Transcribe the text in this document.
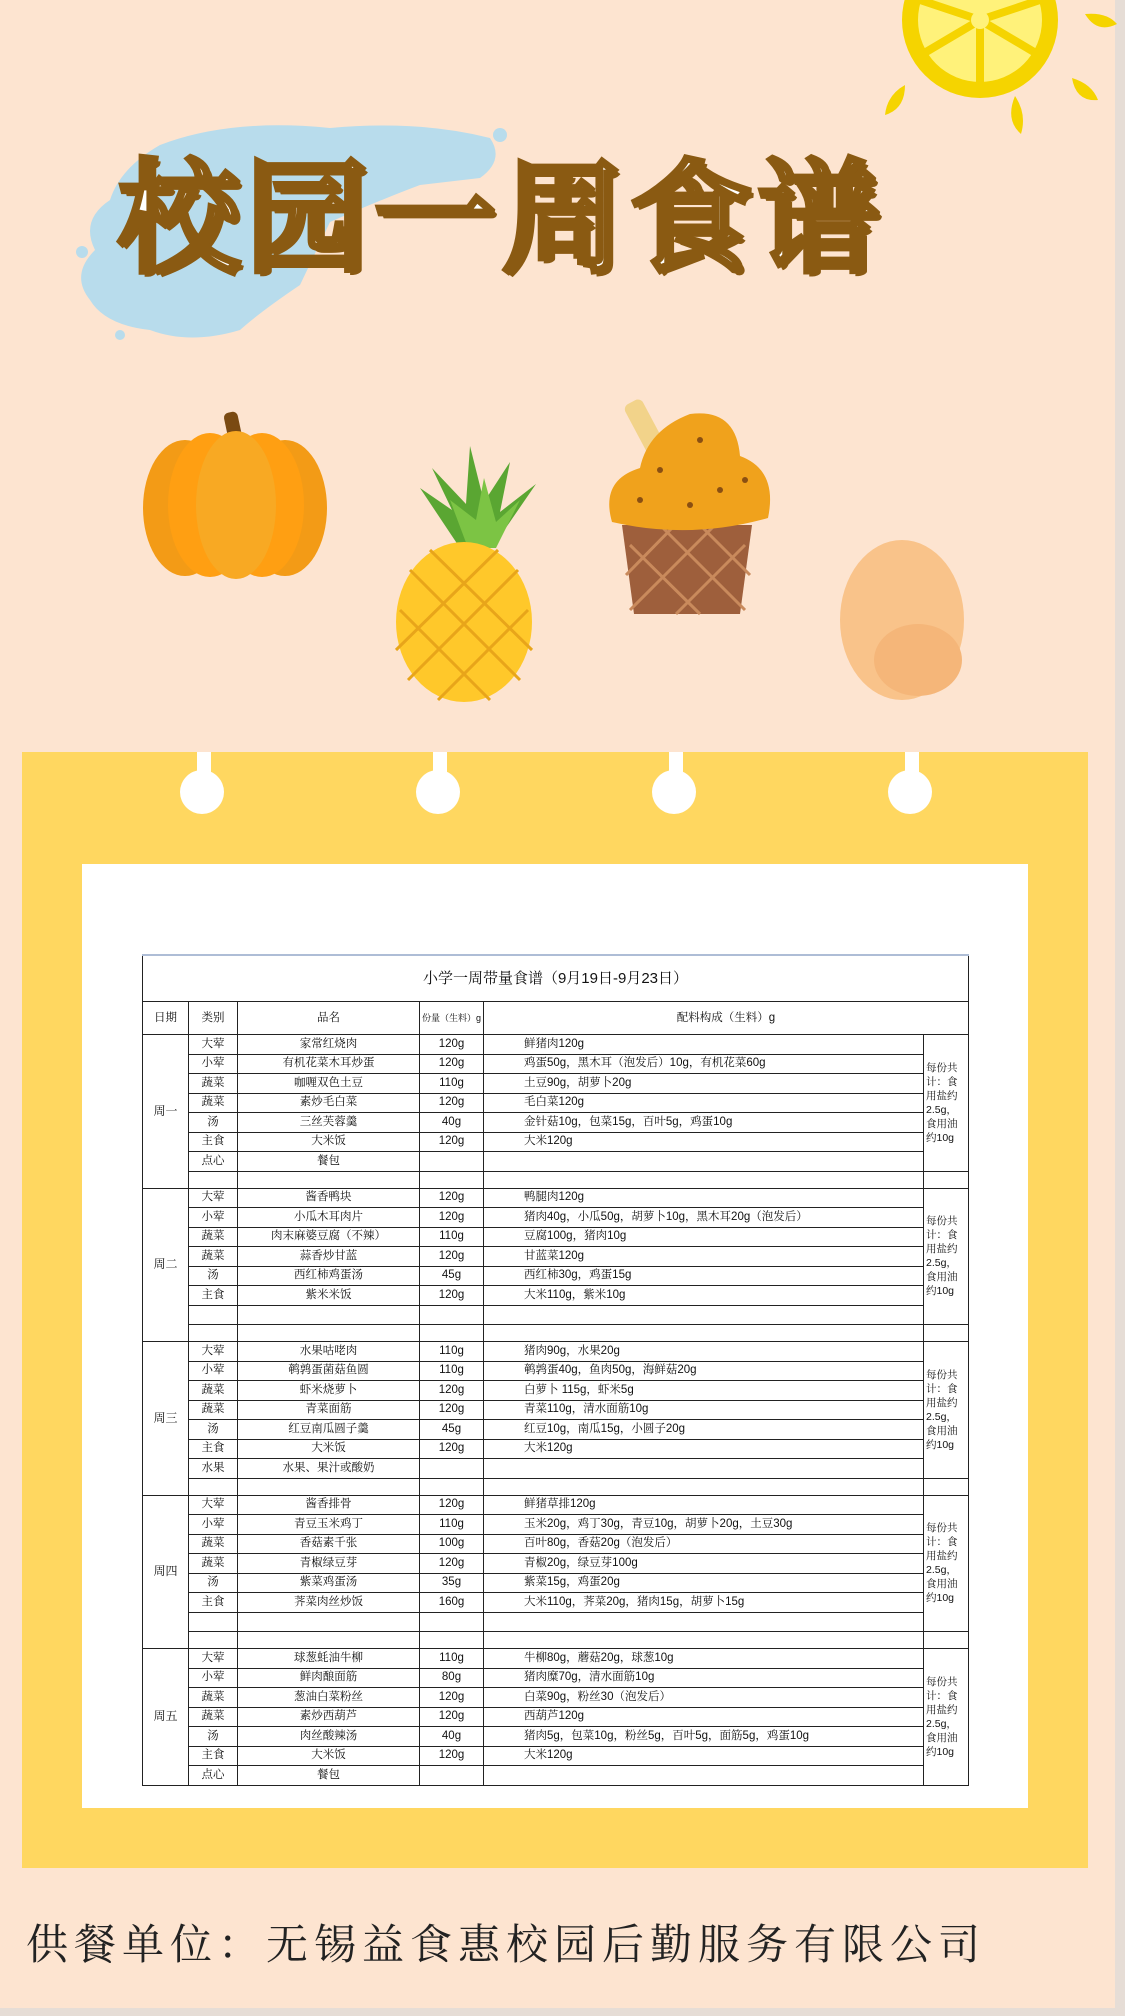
校园一周食谱
小学一周带量食谱（9月19日-9月23日）					
日期	类别	品名	份量（生料）g	配料构成（生料）g	
周一	大荤	家常红烧肉	120g	鲜猪肉120g	每份共计：食用盐约2.5g，食用油约10g
	小荤	有机花菜木耳炒蛋	120g	鸡蛋50g，黑木耳（泡发后）10g，有机花菜60g	
	蔬菜	咖喱双色土豆	110g	土豆90g，胡萝卜20g	
	蔬菜	素炒毛白菜	120g	毛白菜120g	
	汤	三丝芙蓉羹	40g	金针菇10g，包菜15g，百叶5g，鸡蛋10g	
	主食	大米饭	120g	大米120g	
	点心	餐包			

周二	大荤	酱香鸭块	120g	鸭腿肉120g	每份共计：食用盐约2.5g，食用油约10g
	小荤	小瓜木耳肉片	120g	猪肉40g，小瓜50g，胡萝卜10g，黑木耳20g（泡发后）	
	蔬菜	肉末麻婆豆腐（不辣）	110g	豆腐100g，猪肉10g	
	蔬菜	蒜香炒甘蓝	120g	甘蓝菜120g	
	汤	西红柿鸡蛋汤	45g	西红柿30g，鸡蛋15g	
	主食	紫米米饭	120g	大米110g，紫米10g	

周三	大荤	水果咕咾肉	110g	猪肉90g，水果20g	每份共计：食用盐约2.5g，食用油约10g
	小荤	鹌鹑蛋菌菇鱼圆	110g	鹌鹑蛋40g，鱼肉50g，海鲜菇20g	
	蔬菜	虾米烧萝卜	120g	白萝卜 115g，虾米5g	
	蔬菜	青菜面筋	120g	青菜110g，清水面筋10g	
	汤	红豆南瓜圆子羹	45g	红豆10g，南瓜15g，小圆子20g	
	主食	大米饭	120g	大米120g	
	水果	水果、果汁或酸奶			

周四	大荤	酱香排骨	120g	鲜猪草排120g	每份共计：食用盐约2.5g，食用油约10g
	小荤	青豆玉米鸡丁	110g	玉米20g，鸡丁30g，青豆10g，胡萝卜20g，土豆30g	
	蔬菜	香菇素千张	100g	百叶80g，香菇20g（泡发后）	
	蔬菜	青椒绿豆芽	120g	青椒20g，绿豆芽100g	
	汤	紫菜鸡蛋汤	35g	紫菜15g，鸡蛋20g	
	主食	荠菜肉丝炒饭	160g	大米110g，荠菜20g，猪肉15g，胡萝卜15g	

周五	大荤	球葱蚝油牛柳	110g	牛柳80g，蘑菇20g，球葱10g	每份共计：食用盐约2.5g，食用油约10g
	小荤	鲜肉酿面筋	80g	猪肉糜70g，清水面筋10g	
	蔬菜	葱油白菜粉丝	120g	白菜90g，粉丝30（泡发后）	
	蔬菜	素炒西葫芦	120g	西葫芦120g	
	汤	肉丝酸辣汤	40g	猪肉5g，包菜10g，粉丝5g，百叶5g，面筋5g，鸡蛋10g	
	主食	大米饭	120g	大米120g	
	点心	餐包			

供餐单位：无锡益食惠校园后勤服务有限公司
